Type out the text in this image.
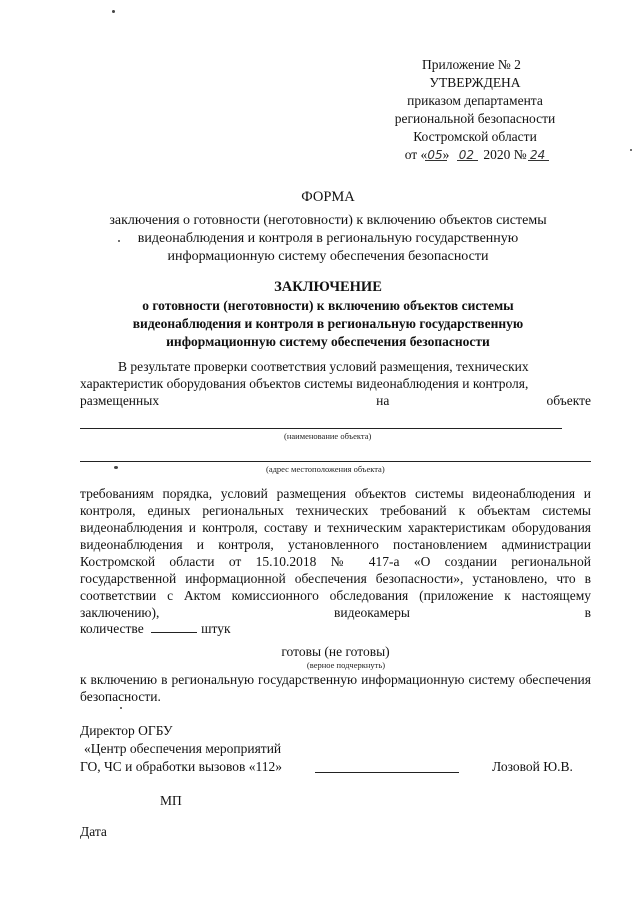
Приложение № 2
УТВЕРЖДЕНА
приказом департамента
региональной безопасности
Костромской области
от «05» 02 2020 № 24
ФОРМА
заключения о готовности (неготовности) к включению объектов системы
видеонаблюдения и контроля в региональную государственную
информационную систему обеспечения безопасности
ЗАКЛЮЧЕНИЕ
о готовности (неготовности) к включению объектов системы
видеонаблюдения и контроля в региональную государственную
информационную систему обеспечения безопасности
В результате проверки соответствия условий размещения, технических
характеристик оборудования объектов системы видеонаблюдения и контроля,
размещенных	на	объекте
(наименование объекта)
(адрес местоположения объекта)
требованиям порядка, условий размещения объектов системы видеонаблюдения и контроля, единых региональных технических требований к объектам системы видеонаблюдения и контроля, составу и техническим характеристикам оборудования видеонаблюдения и контроля, установленного постановлением администрации Костромской области от 15.10.2018 № 417-а «О создании региональной государственной информационной обеспечения безопасности», установлено, что в соответствии с Актом комиссионного обследования (приложение к настоящему заключению), видеокамеры в
количестве	штук
готовы (не готовы)
(верное подчеркнуть)
к включению в региональную государственную информационную систему обеспечения безопасности.
Директор ОГБУ
«Центр обеспечения мероприятий
ГО, ЧС и обработки вызовов «112»	Лозовой Ю.В.
МП
Дата
